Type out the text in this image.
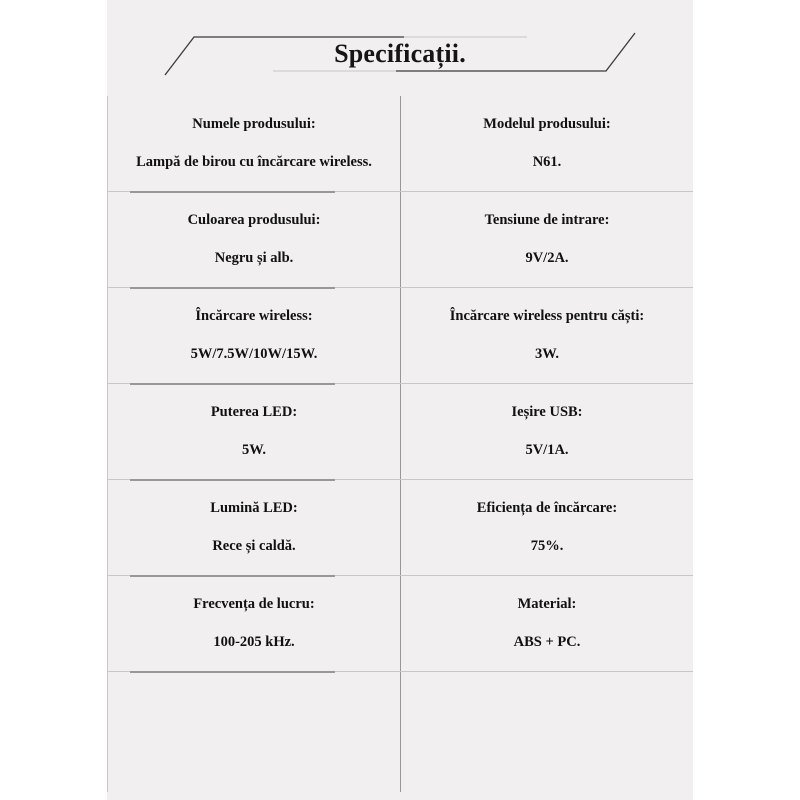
Specificații.
Numele produsului:
Lampă de birou cu încărcare wireless.
Modelul produsului:
N61.
Culoarea produsului:
Negru și alb.
Tensiune de intrare:
9V/2A.
Încărcare wireless:
5W/7.5W/10W/15W.
Încărcare wireless pentru căști:
3W.
Puterea LED:
5W.
Ieșire USB:
5V/1A.
Lumină LED:
Rece și caldă.
Eficiența de încărcare:
75%.
Frecvența de lucru:
100-205 kHz.
Material:
ABS + PC.
